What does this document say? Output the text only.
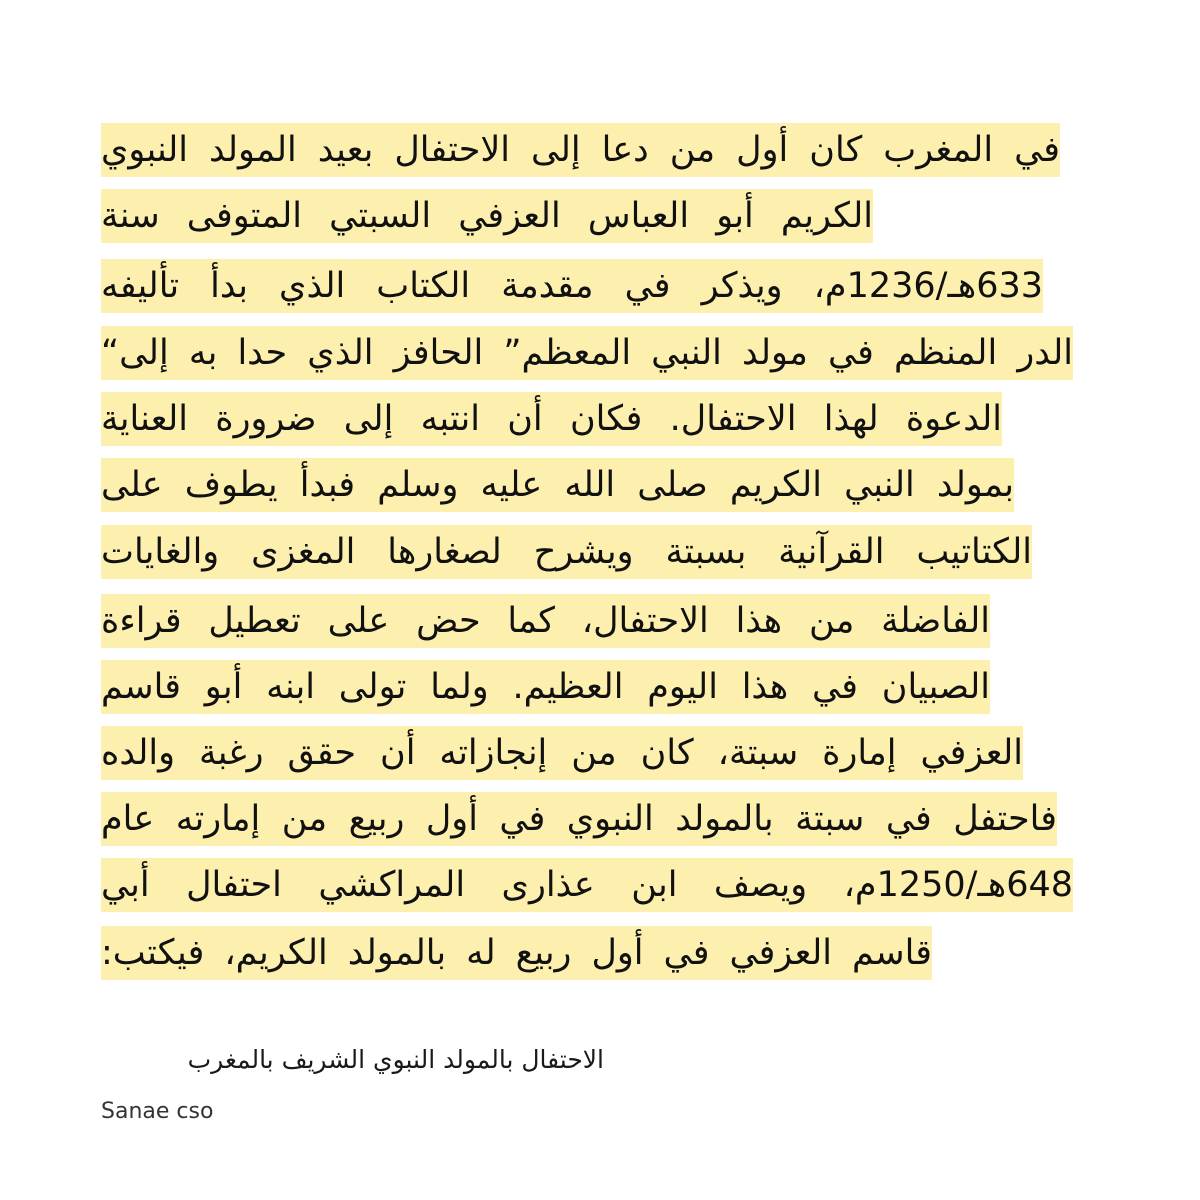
في المغرب كان أول من دعا إلى الاحتفال بعيد المولد النبوي
الكريم أبو العباس العزفي السبتي المتوفى سنة
633هـ/1236م، ويذكر في مقدمة الكتاب الذي بدأ تأليفه
الدر المنظم في مولد النبي المعظم” الحافز الذي حدا به إلى“
الدعوة لهذا الاحتفال. فكان أن انتبه إلى ضرورة العناية
بمولد النبي الكريم صلى الله عليه وسلم فبدأ يطوف على
الكتاتيب القرآنية بسبتة ويشرح لصغارها المغزى والغايات
الفاضلة من هذا الاحتفال، كما حض على تعطيل قراءة
الصبيان في هذا اليوم العظيم. ولما تولى ابنه أبو قاسم
العزفي إمارة سبتة، كان من إنجازاته أن حقق رغبة والده
فاحتفل في سبتة بالمولد النبوي في أول ربيع من إمارته عام
648هـ/1250م، ويصف ابن عذارى المراكشي احتفال أبي
قاسم العزفي في أول ربيع له بالمولد الكريم، فيكتب:
الاحتفال بالمولد النبوي الشريف بالمغرب
Sanae cso
